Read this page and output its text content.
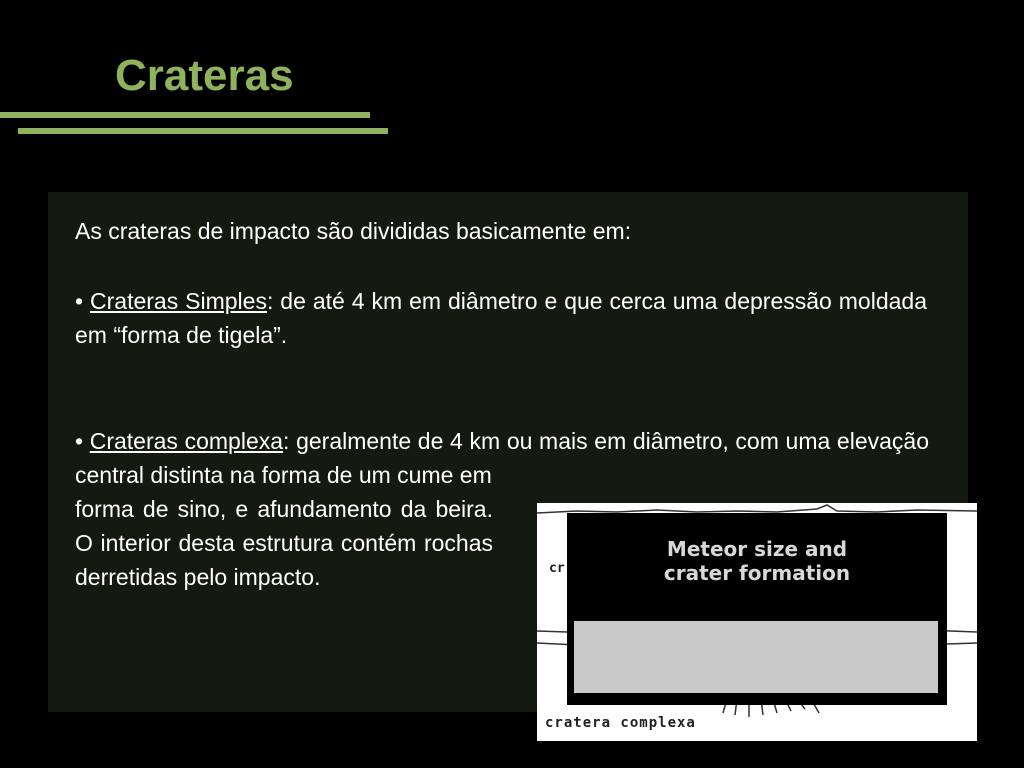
Crateras

As crateras de impacto são divididas basicamente em:

• Crateras Simples: de até 4 km em diâmetro e que cerca uma depressão moldada em “forma de tigela”.

• Crateras complexa: geralmente de 4 km ou mais em diâmetro, com uma elevação central distinta na forma de um cume em

forma de sino, e afundamento da beira. O interior desta estrutura contém rochas derretidas pelo impacto.	cr
cratera complexa
Meteor size and
crater formation
